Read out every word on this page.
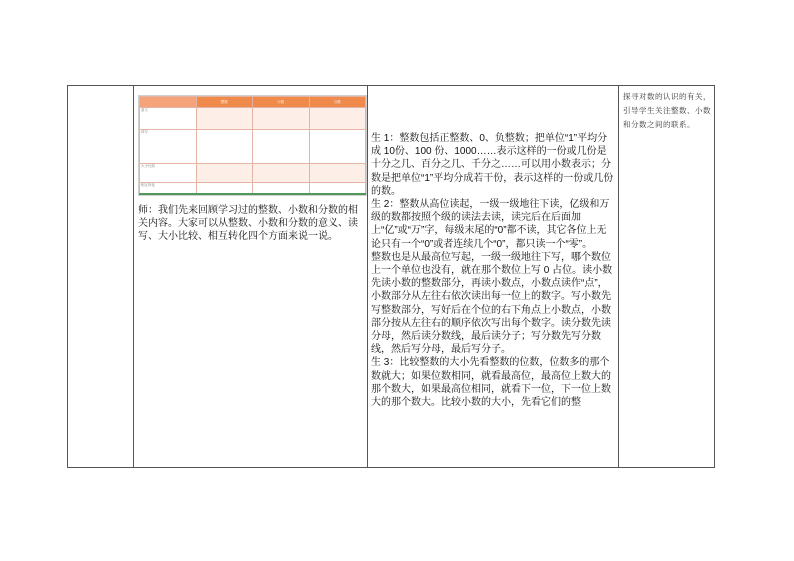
	整数	小数	分数
意义			
读写			
大小比较			
相互转化			
师：我们先来回顾学习过的整数、小数和分数的相关内容。大家可以从整数、小数和分数的意义、读写、大小比较、相互转化四个方面来说一说。

生 1：整数包括正整数、0、负整数；把单位“1”平均分成 10份、100 份、1000……表示这样的一份或几份是十分之几、百分之几、千分之……可以用小数表示；分数是把单位“1”平均分成若干份，表示这样的一份或几份的数。

生 2：整数从高位读起，一级一级地往下读，亿级和万级的数都按照个级的读法去读，读完后在后面加上“亿”或“万”字，每级末尾的“0”都不读，其它各位上无论只有一个“0”或者连续几个“0”，都只读一个“零”。

整数也是从最高位写起，一级一级地往下写，哪个数位上一个单位也没有，就在那个数位上写 0 占位。读小数先读小数的整数部分，再读小数点，小数点读作“点”，小数部分从左往右依次读出每一位上的数字。写小数先写整数部分，写好后在个位的右下角点上小数点，小数部分按从左往右的顺序依次写出每个数字。读分数先读分母，然后读分数线，最后读分子；写分数先写分数线，然后写分母，最后写分子。

生 3：比较整数的大小先看整数的位数，位数多的那个数就大；如果位数相同，就看最高位，最高位上数大的那个数大，如果最高位相同，就看下一位，下一位上数大的那个数大。比较小数的大小，先看它们的整

探寻对数的认识的有关，引导学生关注整数、小数和分数之间的联系。
